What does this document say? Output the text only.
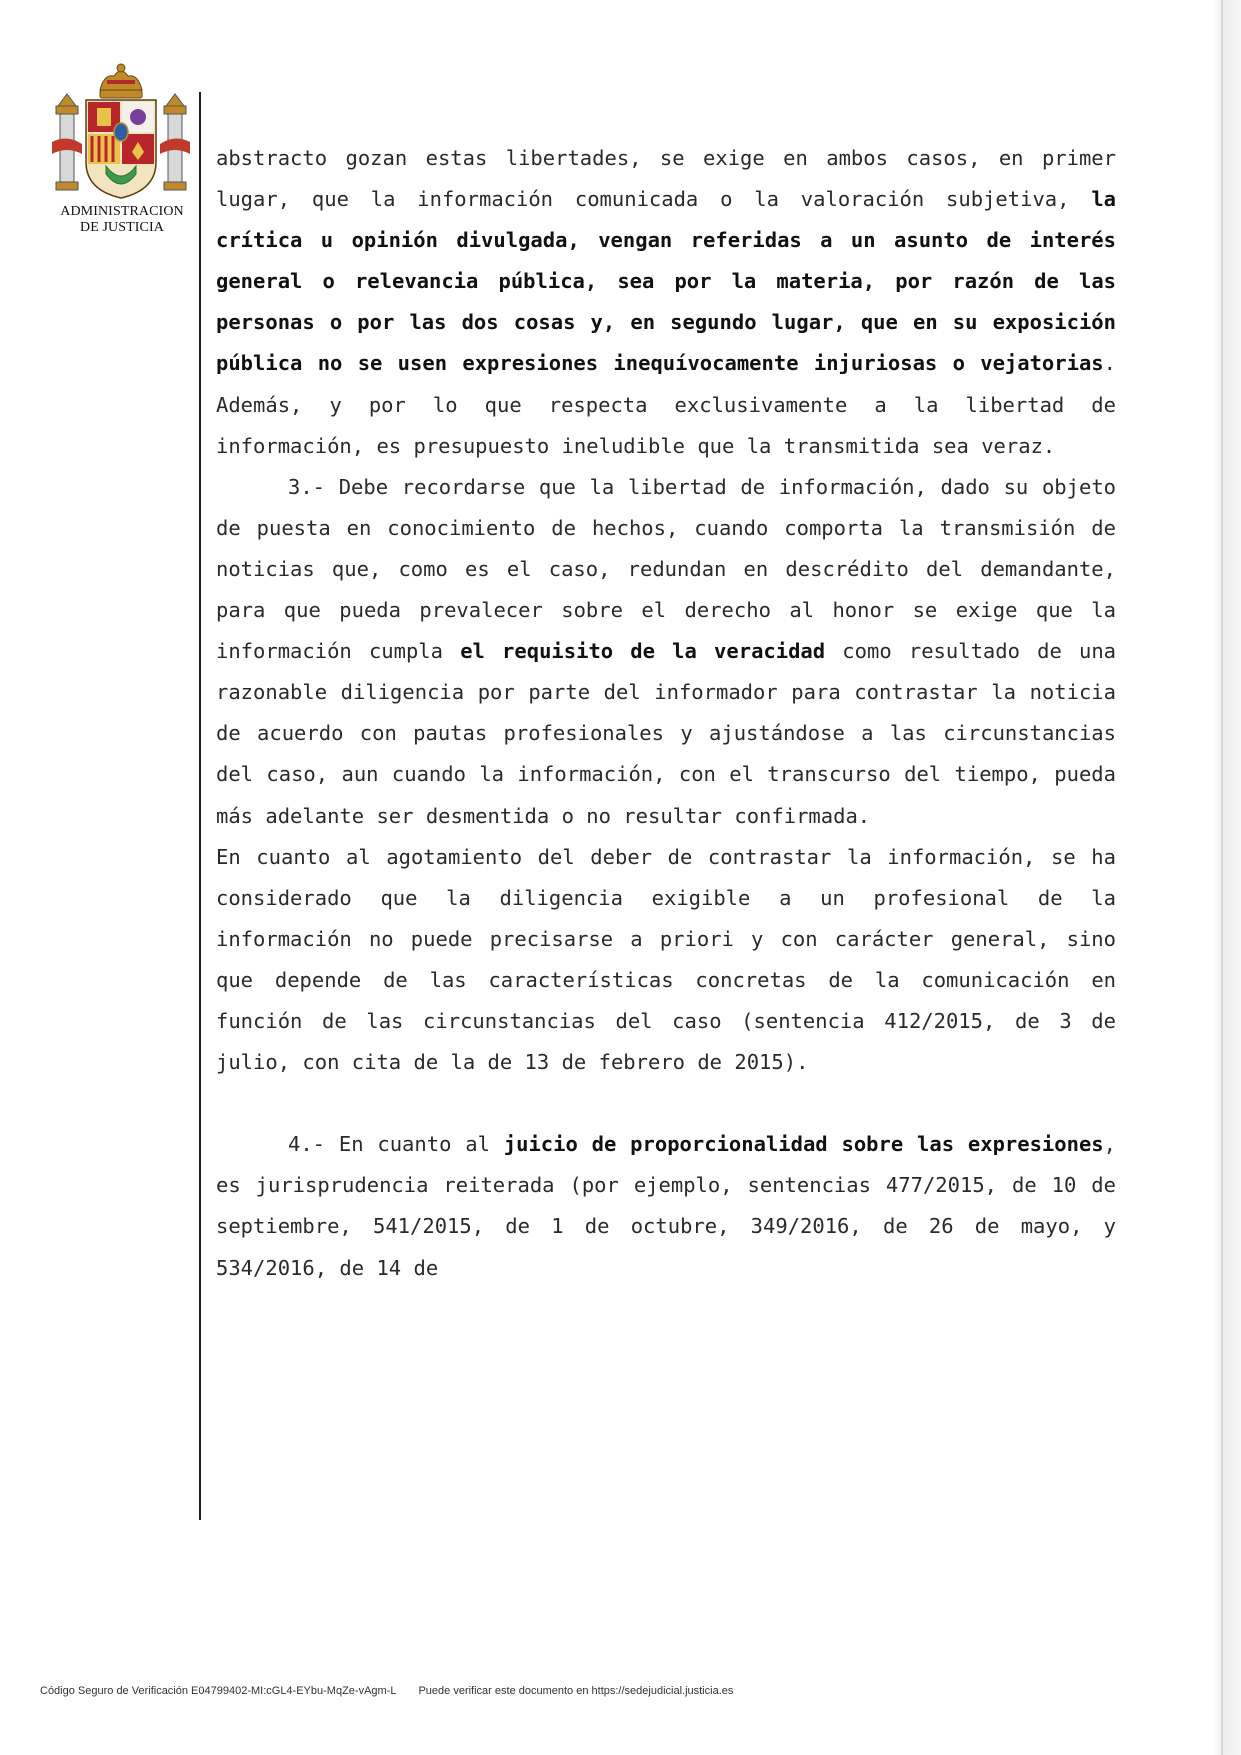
ADMINISTRACION
DE JUSTICIA

abstracto gozan estas libertades, se exige en ambos casos, en primer lugar, que la información comunicada o la valoración subjetiva, la crítica u opinión divulgada, vengan referidas a un asunto de interés general o relevancia pública, sea por la materia, por razón de las personas o por las dos cosas y, en segundo lugar, que en su exposición pública no se usen expresiones inequívocamente injuriosas o vejatorias. Además, y por lo que respecta exclusivamente a la libertad de información, es presupuesto ineludible que la transmitida sea veraz.

3.- Debe recordarse que la libertad de información, dado su objeto de puesta en conocimiento de hechos, cuando comporta la transmisión de noticias que, como es el caso, redundan en descrédito del demandante, para que pueda prevalecer sobre el derecho al honor se exige que la información cumpla el requisito de la veracidad como resultado de una razonable diligencia por parte del informador para contrastar la noticia de acuerdo con pautas profesionales y ajustándose a las circunstancias del caso, aun cuando la información, con el transcurso del tiempo, pueda más adelante ser desmentida o no resultar confirmada.

En cuanto al agotamiento del deber de contrastar la información, se ha considerado que la diligencia exigible a un profesional de la información no puede precisarse a priori y con carácter general, sino que depende de las características concretas de la comunicación en función de las circunstancias del caso (sentencia 412/2015, de 3 de julio, con cita de la de 13 de febrero de 2015).

4.- En cuanto al juicio de proporcionalidad sobre las expresiones, es jurisprudencia reiterada (por ejemplo, sentencias 477/2015, de 10 de septiembre, 541/2015, de 1 de octubre, 349/2016, de 26 de mayo, y 534/2016, de 14 de

Código Seguro de Verificación E04799402-MI:cGL4-EYbu-MqZe-vAgm-L Puede verificar este documento en https://sedejudicial.justicia.es
